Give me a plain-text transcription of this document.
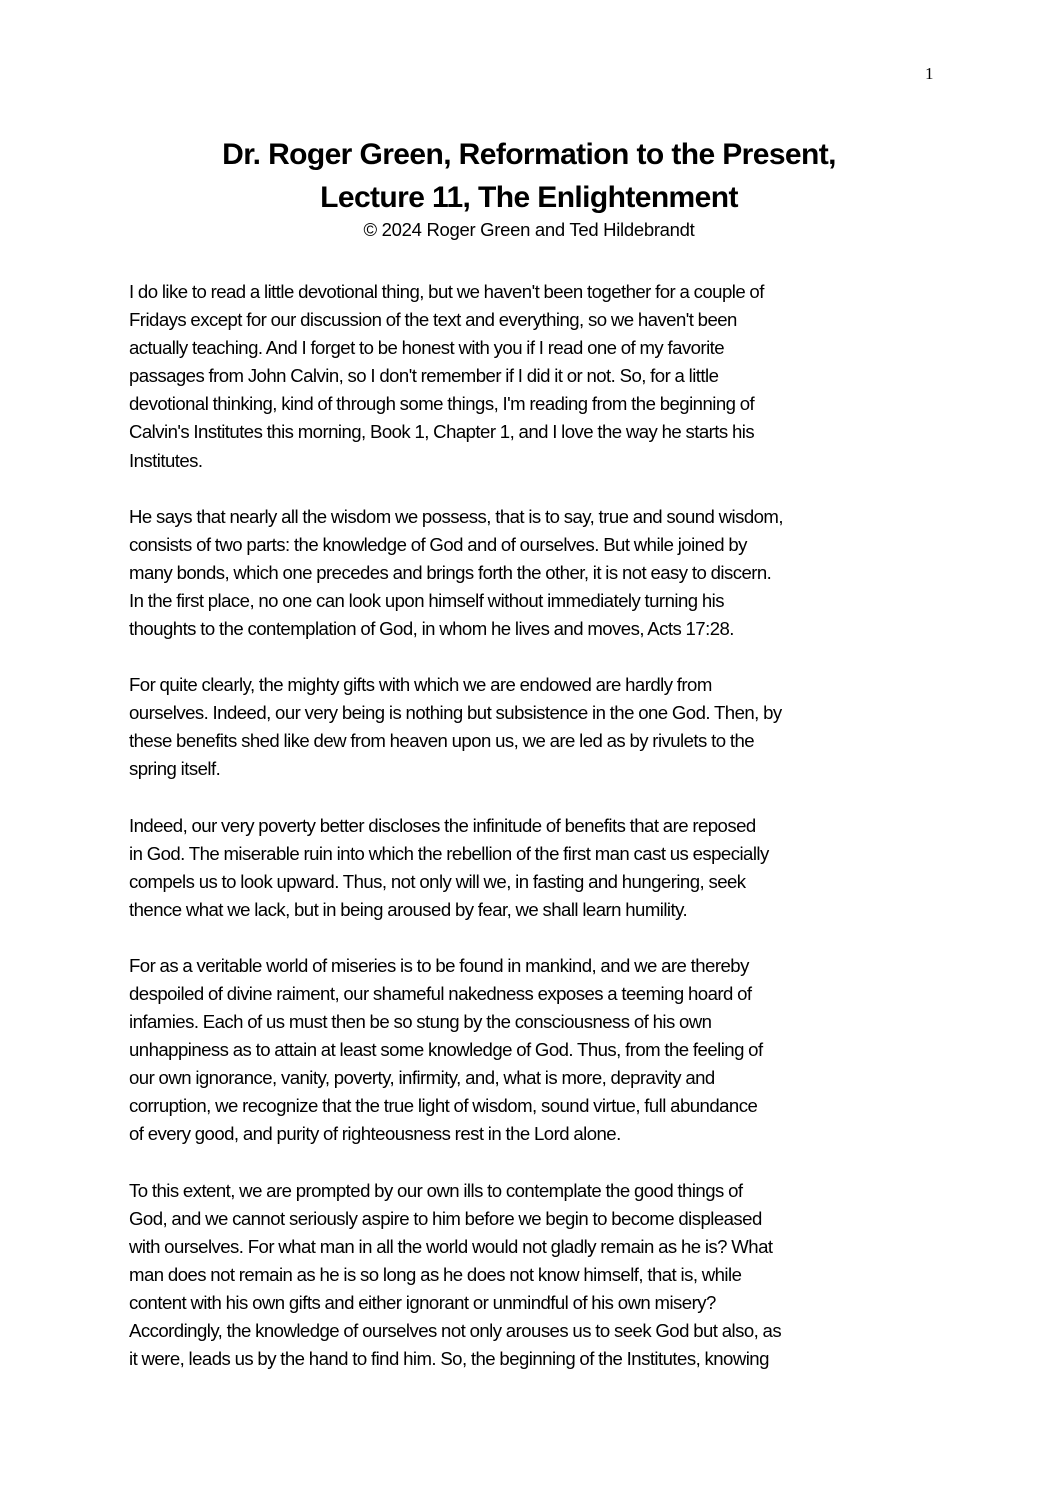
1
Dr. Roger Green, Reformation to the Present,
Lecture 11, The Enlightenment
© 2024 Roger Green and Ted Hildebrandt
I do like to read a little devotional thing, but we haven't been together for a couple of
Fridays except for our discussion of the text and everything, so we haven't been
actually teaching. And I forget to be honest with you if I read one of my favorite
passages from John Calvin, so I don't remember if I did it or not. So, for a little
devotional thinking, kind of through some things, I'm reading from the beginning of
Calvin's Institutes this morning, Book 1, Chapter 1, and I love the way he starts his
Institutes.
He says that nearly all the wisdom we possess, that is to say, true and sound wisdom,
consists of two parts: the knowledge of God and of ourselves. But while joined by
many bonds, which one precedes and brings forth the other, it is not easy to discern.
In the first place, no one can look upon himself without immediately turning his
thoughts to the contemplation of God, in whom he lives and moves, Acts 17:28.
For quite clearly, the mighty gifts with which we are endowed are hardly from
ourselves. Indeed, our very being is nothing but subsistence in the one God. Then, by
these benefits shed like dew from heaven upon us, we are led as by rivulets to the
spring itself.
Indeed, our very poverty better discloses the infinitude of benefits that are reposed
in God. The miserable ruin into which the rebellion of the first man cast us especially
compels us to look upward. Thus, not only will we, in fasting and hungering, seek
thence what we lack, but in being aroused by fear, we shall learn humility.
For as a veritable world of miseries is to be found in mankind, and we are thereby
despoiled of divine raiment, our shameful nakedness exposes a teeming hoard of
infamies. Each of us must then be so stung by the consciousness of his own
unhappiness as to attain at least some knowledge of God. Thus, from the feeling of
our own ignorance, vanity, poverty, infirmity, and, what is more, depravity and
corruption, we recognize that the true light of wisdom, sound virtue, full abundance
of every good, and purity of righteousness rest in the Lord alone.
To this extent, we are prompted by our own ills to contemplate the good things of
God, and we cannot seriously aspire to him before we begin to become displeased
with ourselves. For what man in all the world would not gladly remain as he is? What
man does not remain as he is so long as he does not know himself, that is, while
content with his own gifts and either ignorant or unmindful of his own misery?
Accordingly, the knowledge of ourselves not only arouses us to seek God but also, as
it were, leads us by the hand to find him. So, the beginning of the Institutes, knowing
